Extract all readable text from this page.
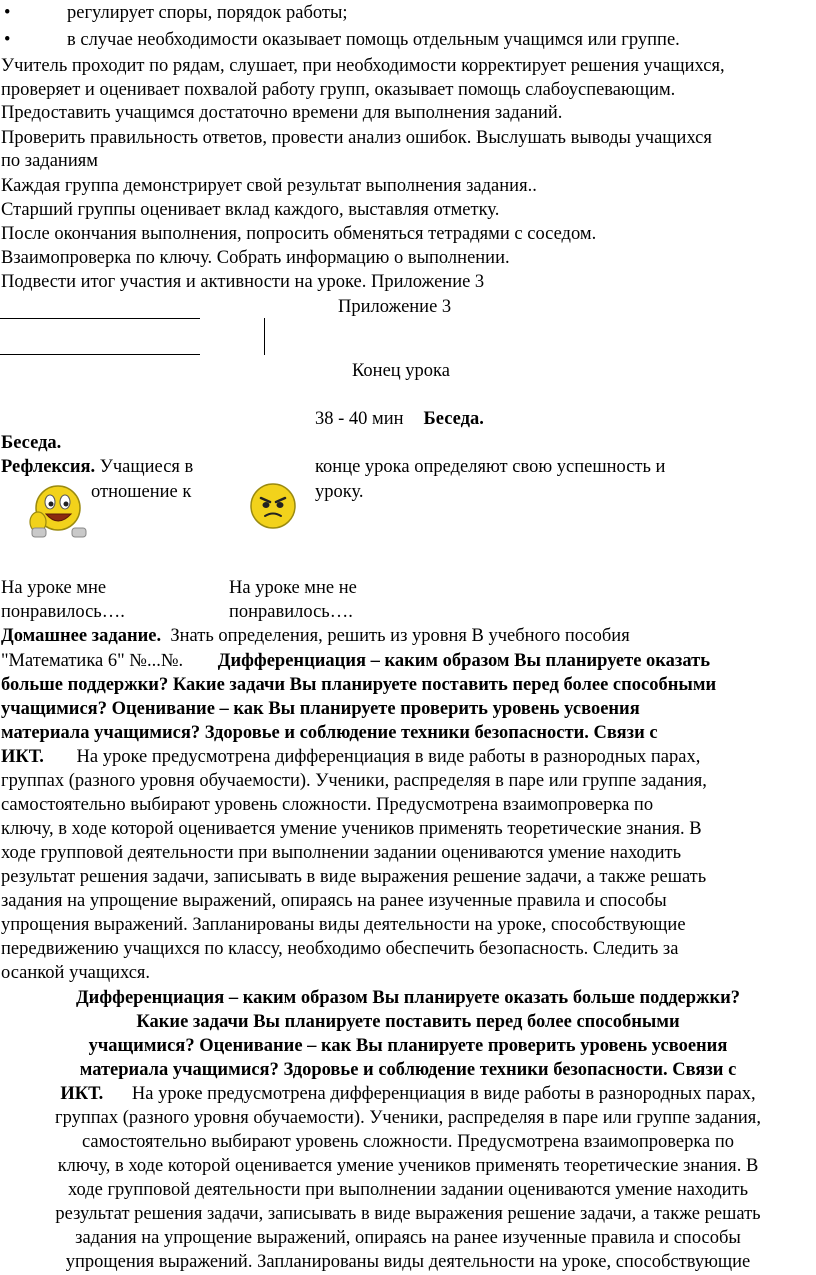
•	регулирует споры, порядок работы;
•	в случае необходимости оказывает помощь отдельным учащимся или группе.
Учитель проходит по рядам, слушает, при необходимости корректирует решения учащихся,
проверяет и оценивает похвалой работу групп, оказывает помощь слабоуспевающим.
Предоставить учащимся достаточно времени для выполнения заданий.
Проверить правильность ответов, провести анализ ошибок. Выслушать выводы учащихся
по заданиям
Каждая группа демонстрирует свой результат выполнения задания..
Старший группы оценивает вклад каждого, выставляя отметку.
После окончания выполнения, попросить обменяться тетрадями с соседом.
Взаимопроверка по ключу. Собрать информацию о выполнении.
Подвести итог участия и активности на уроке. Приложение 3
Приложение 3
Конец урока
38 - 40 мин Беседа.
Беседа.
Рефлексия. Учащиеся в	конце урока определяют свою успешность и
отношение к	уроку.
На уроке мне
понравилось….
На уроке мне не
понравилось….
Домашнее задание. Знать определения, решить из уровня В учебного пособия
"Математика 6" №...№. Дифференциация – каким образом Вы планируете оказать
больше поддержки? Какие задачи Вы планируете поставить перед более способными
учащимися? Оценивание – как Вы планируете проверить уровень усвоения
материала учащимися? Здоровье и соблюдение техники безопасности. Связи с
ИКТ. На уроке предусмотрена дифференциация в виде работы в разнородных парах,
группах (разного уровня обучаемости). Ученики, распределяя в паре или группе задания,
самостоятельно выбирают уровень сложности. Предусмотрена взаимопроверка по
ключу, в ходе которой оценивается умение учеников применять теоретические знания. В
ходе групповой деятельности при выполнении задании оцениваются умение находить
результат решения задачи, записывать в виде выражения решение задачи, а также решать
задания на упрощение выражений, опираясь на ранее изученные правила и способы
упрощения выражений. Запланированы виды деятельности на уроке, способствующие
передвижению учащихся по классу, необходимо обеспечить безопасность. Следить за
осанкой учащихся.
Дифференциация – каким образом Вы планируете оказать больше поддержки?
Какие задачи Вы планируете поставить перед более способными
учащимися? Оценивание – как Вы планируете проверить уровень усвоения
материала учащимися? Здоровье и соблюдение техники безопасности. Связи с
ИКТ. На уроке предусмотрена дифференциация в виде работы в разнородных парах,
группах (разного уровня обучаемости). Ученики, распределяя в паре или группе задания,
самостоятельно выбирают уровень сложности. Предусмотрена взаимопроверка по
ключу, в ходе которой оценивается умение учеников применять теоретические знания. В
ходе групповой деятельности при выполнении задании оцениваются умение находить
результат решения задачи, записывать в виде выражения решение задачи, а также решать
задания на упрощение выражений, опираясь на ранее изученные правила и способы
упрощения выражений. Запланированы виды деятельности на уроке, способствующие
